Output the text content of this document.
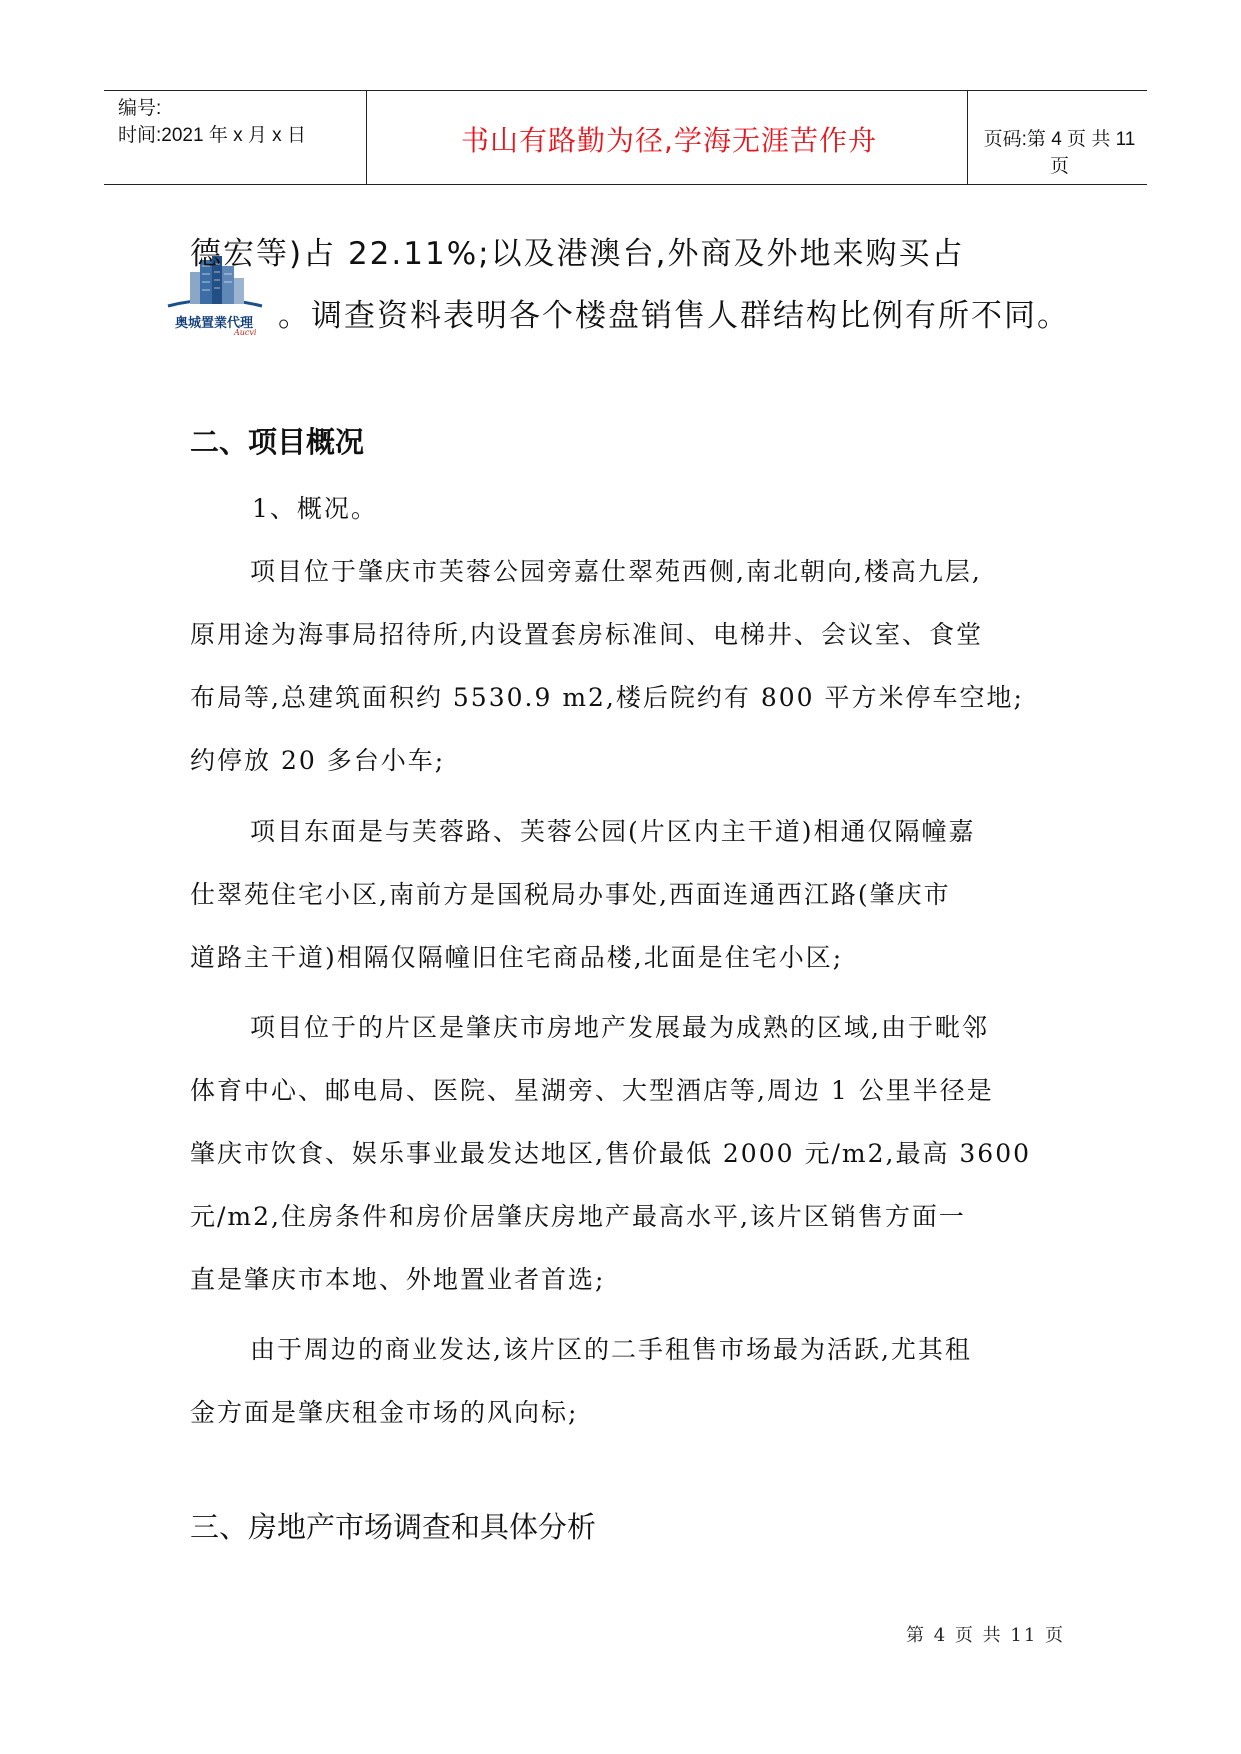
编号:
时间:2021 年 x 月 x 日	书山有路勤为径,学海无涯苦作舟	页码:第 4 页 共 11 页
奥城置業代理
Aucvi
德宏等)占 22.11%;以及港澳台,外商及外地来购买占
。调查资料表明各个楼盘销售人群结构比例有所不同。
二、项目概况
1、概况。
项目位于肇庆市芙蓉公园旁嘉仕翠苑西侧,南北朝向,楼高九层,
原用途为海事局招待所,内设置套房标准间、电梯井、会议室、食堂
布局等,总建筑面积约 5530.9 m2,楼后院约有 800 平方米停车空地;
约停放 20 多台小车;
项目东面是与芙蓉路、芙蓉公园(片区内主干道)相通仅隔幢嘉
仕翠苑住宅小区,南前方是国税局办事处,西面连通西江路(肇庆市
道路主干道)相隔仅隔幢旧住宅商品楼,北面是住宅小区;
项目位于的片区是肇庆市房地产发展最为成熟的区域,由于毗邻
体育中心、邮电局、医院、星湖旁、大型酒店等,周边 1 公里半径是
肇庆市饮食、娱乐事业最发达地区,售价最低 2000 元/m2,最高 3600
元/m2,住房条件和房价居肇庆房地产最高水平,该片区销售方面一
直是肇庆市本地、外地置业者首选;
由于周边的商业发达,该片区的二手租售市场最为活跃,尤其租
金方面是肇庆租金市场的风向标;
三、房地产市场调查和具体分析
第 4 页 共 11 页
